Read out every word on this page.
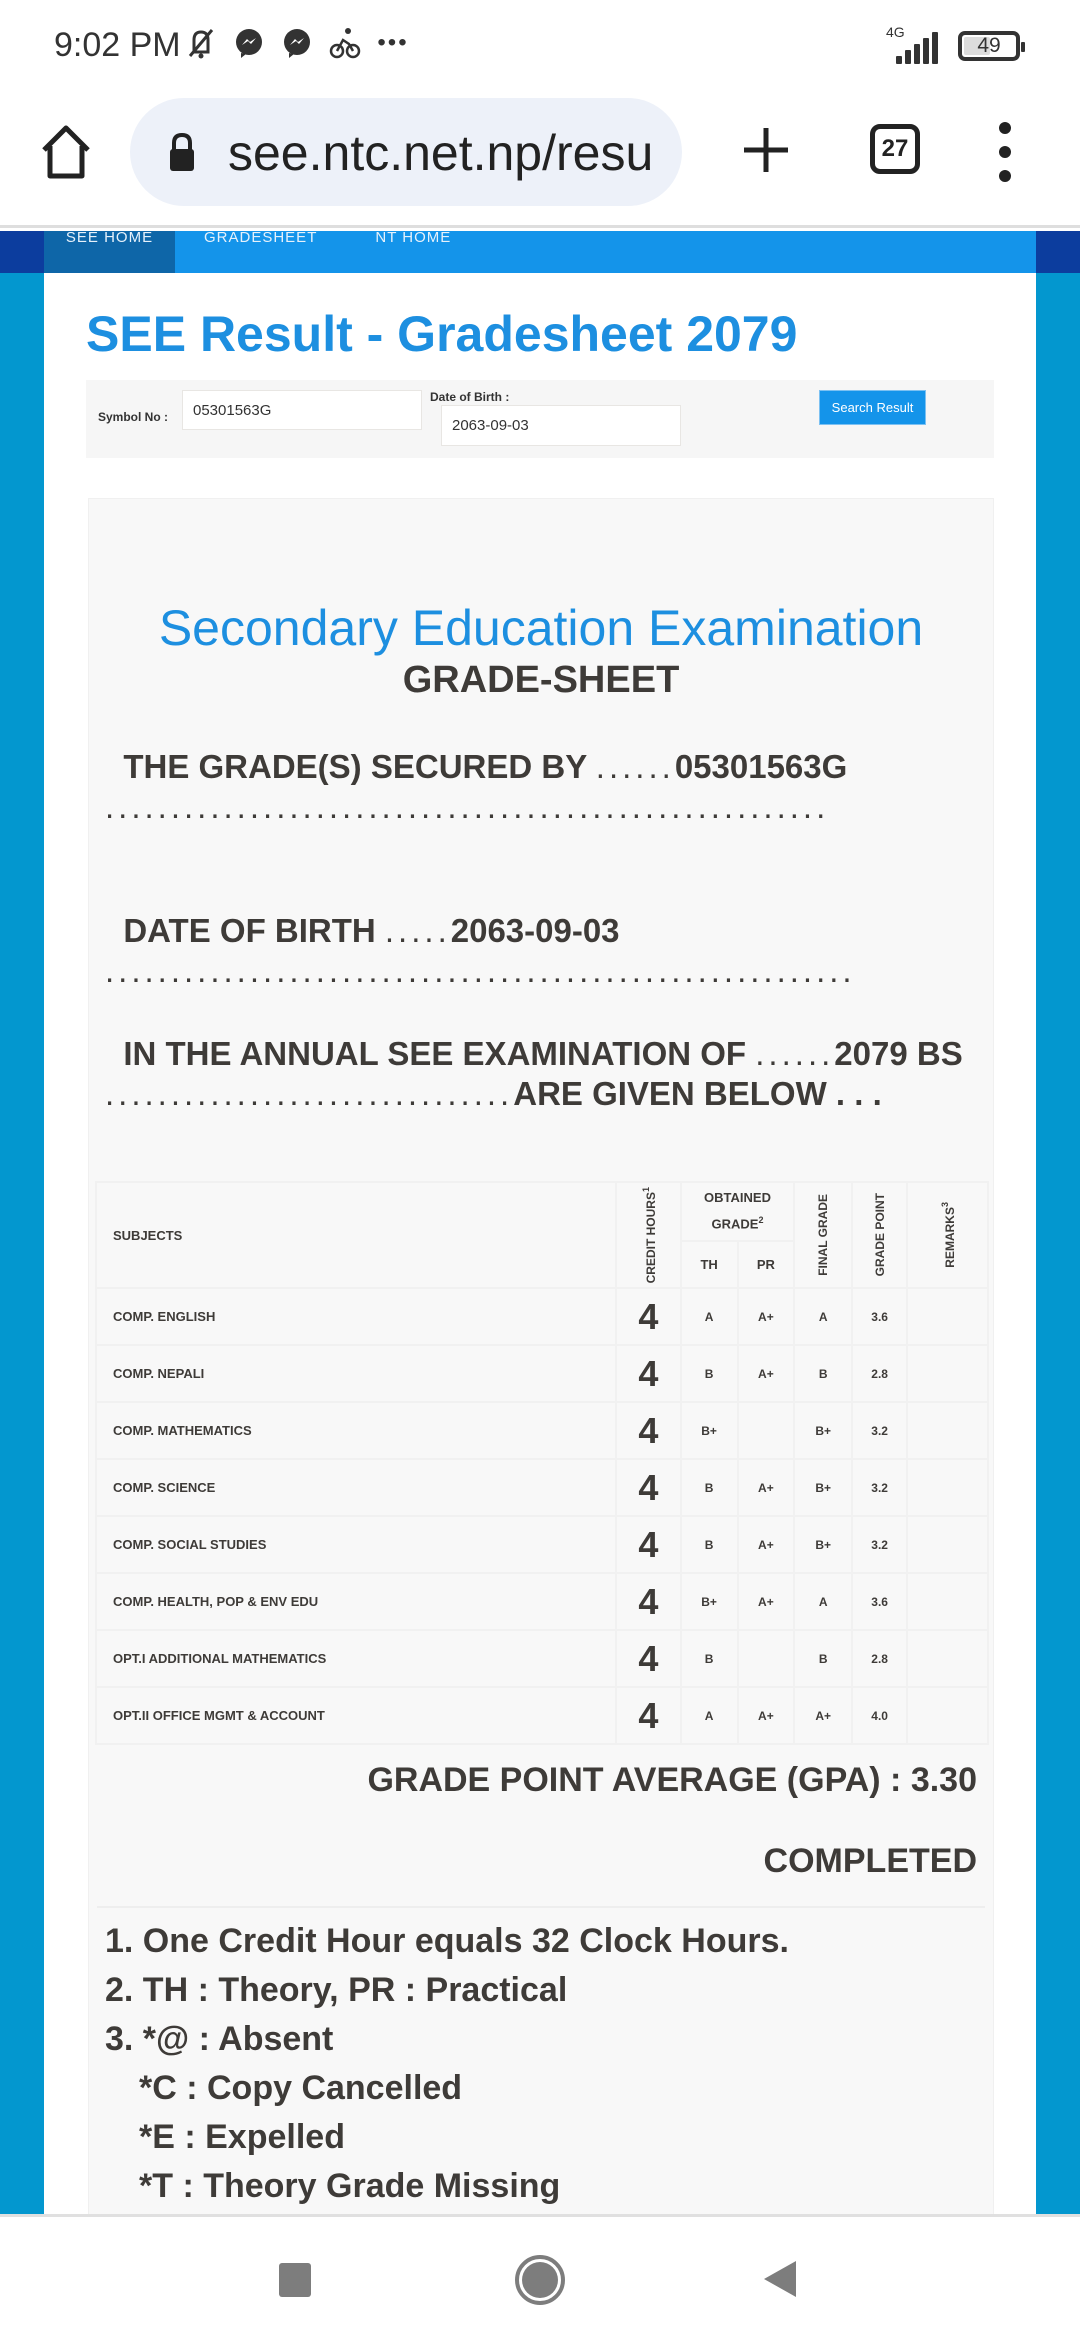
9:02 PM	•••	4G
49
see.ntc.net.np/resu	27
SEE HOME	GRADESHEET	NT HOME
SEE Result - Gradesheet 2079
Symbol No :
05301563G
Date of Birth :
2063-09-03
Search Result
Secondary Education Examination
GRADE-SHEET
THE GRADE(S) SECURED BY ......05301563G .......................................................
DATE OF BIRTH .....2063-09-03 .........................................................
IN THE ANNUAL SEE EXAMINATION OF ......2079 BS ...............................ARE GIVEN BELOW . . .
SUBJECTS	CREDIT HOURS$^1$	OBTAINED GRADE$^2$		FINAL GRADE	GRADE POINT	REMARKS$^3$

		TH	PR			
COMP. ENGLISH	4	A	A+	A	3.6	
COMP. NEPALI	4	B	A+	B	2.8	
COMP. MATHEMATICS	4	B+		B+	3.2	
COMP. SCIENCE	4	B	A+	B+	3.2	
COMP. SOCIAL STUDIES	4	B	A+	B+	3.2	
COMP. HEALTH, POP & ENV EDU	4	B+	A+	A	3.6	
OPT.I ADDITIONAL MATHEMATICS	4	B		B	2.8	
OPT.II OFFICE MGMT & ACCOUNT	4	A	A+	A+	4.0	
GRADE POINT AVERAGE (GPA) : 3.30
COMPLETED
1. One Credit Hour equals 32 Clock Hours.
2. TH : Theory, PR : Practical
3. *@ : Absent
*C : Copy Cancelled
*E : Expelled
*T : Theory Grade Missing
